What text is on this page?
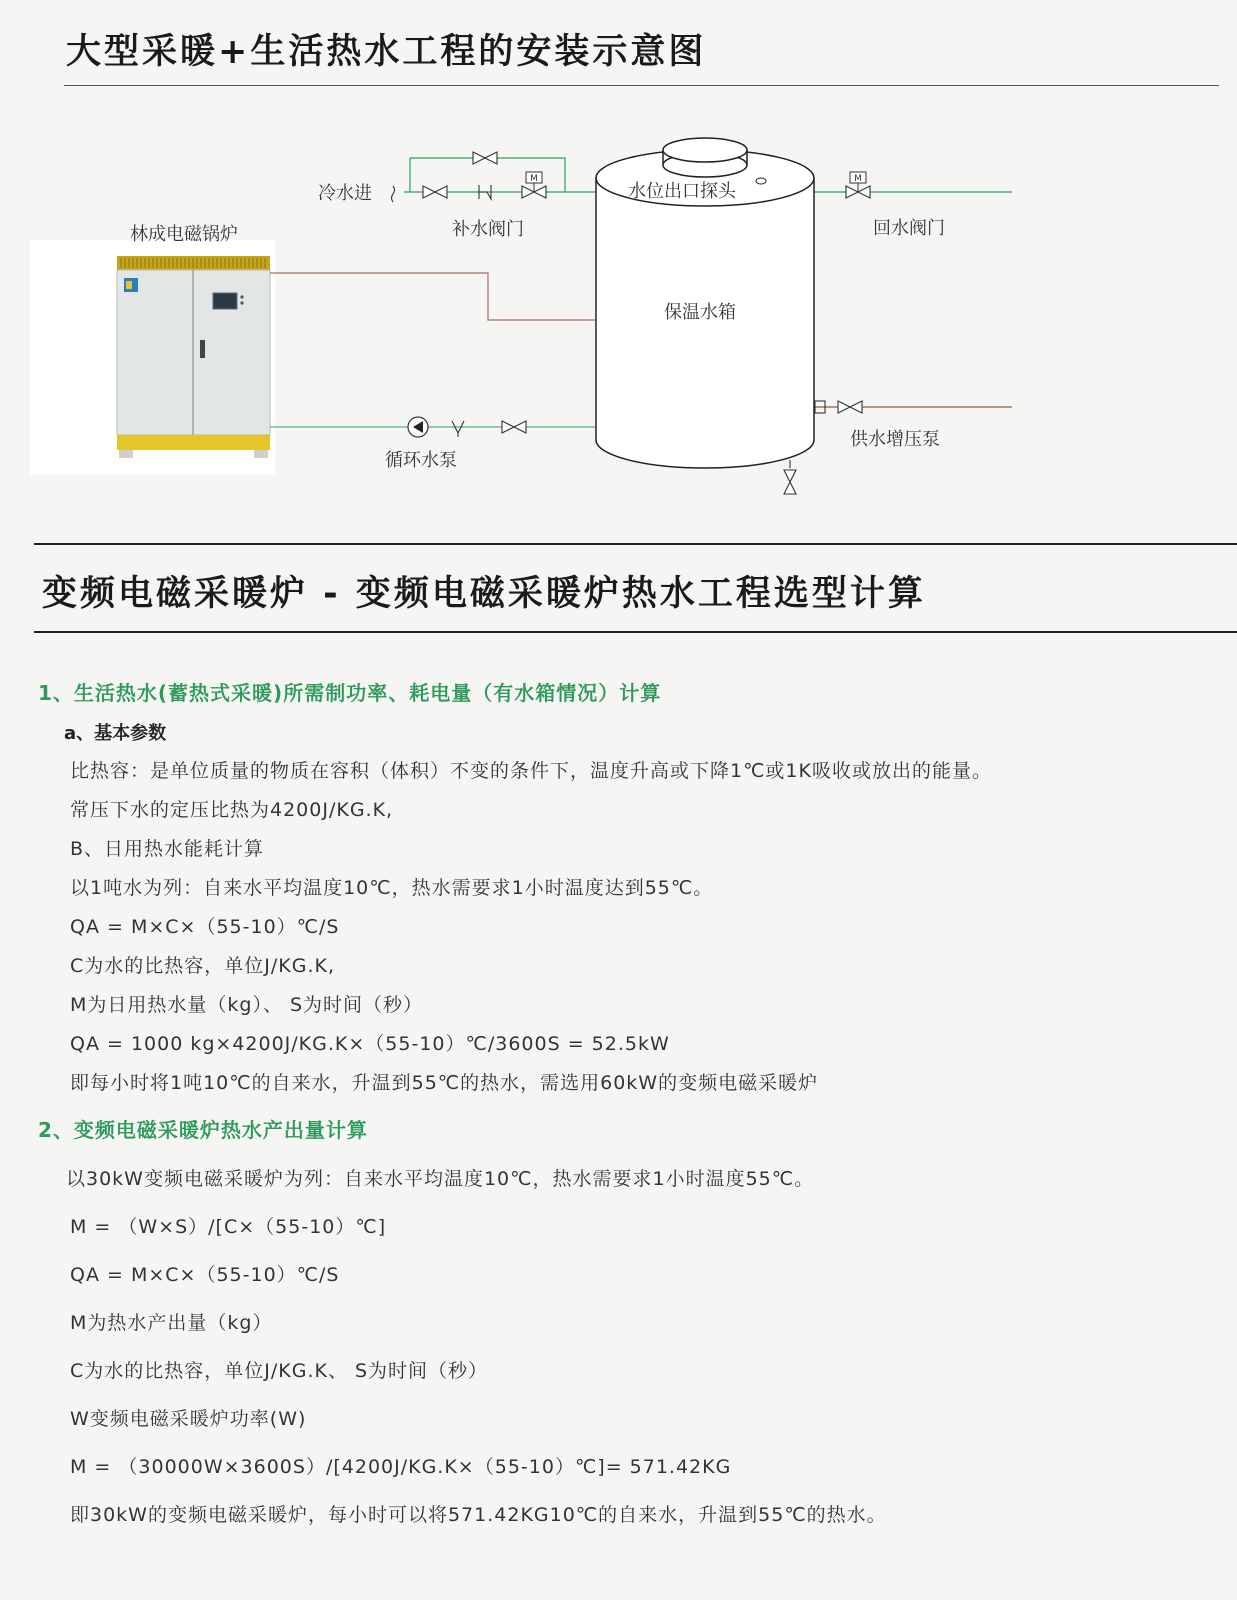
大型采暖+生活热水工程的安装示意图
林成电磁锅炉
M	M
冷水进
补水阀门
水位出口探头
保温水箱
回水阀门
供水增压泵
循环水泵
变频电磁采暖炉 - 变频电磁采暖炉热水工程选型计算
1、生活热水(蓄热式采暖)所需制功率、耗电量（有水箱情况）计算
a、基本参数
比热容：是单位质量的物质在容积（体积）不变的条件下，温度升高或下降1℃或1K吸收或放出的能量。
常压下水的定压比热为4200J/KG.K,
B、日用热水能耗计算
以1吨水为列：自来水平均温度10℃，热水需要求1小时温度达到55℃。
QA = M×C×（55-10）℃/S
C为水的比热容，单位J/KG.K,
M为日用热水量（kg）、 S为时间（秒）
QA = 1000 kg×4200J/KG.K×（55-10）℃/3600S = 52.5kW
即每小时将1吨10℃的自来水，升温到55℃的热水，需选用60kW的变频电磁采暖炉
2、变频电磁采暖炉热水产出量计算
以30kW变频电磁采暖炉为列：自来水平均温度10℃，热水需要求1小时温度55℃。
M = （W×S）/[C×（55-10）℃]
QA = M×C×（55-10）℃/S
M为热水产出量（kg）
C为水的比热容，单位J/KG.K、 S为时间（秒）
W变频电磁采暖炉功率(W)
M = （30000W×3600S）/[4200J/KG.K×（55-10）℃]= 571.42KG
即30kW的变频电磁采暖炉，每小时可以将571.42KG10℃的自来水，升温到55℃的热水。
